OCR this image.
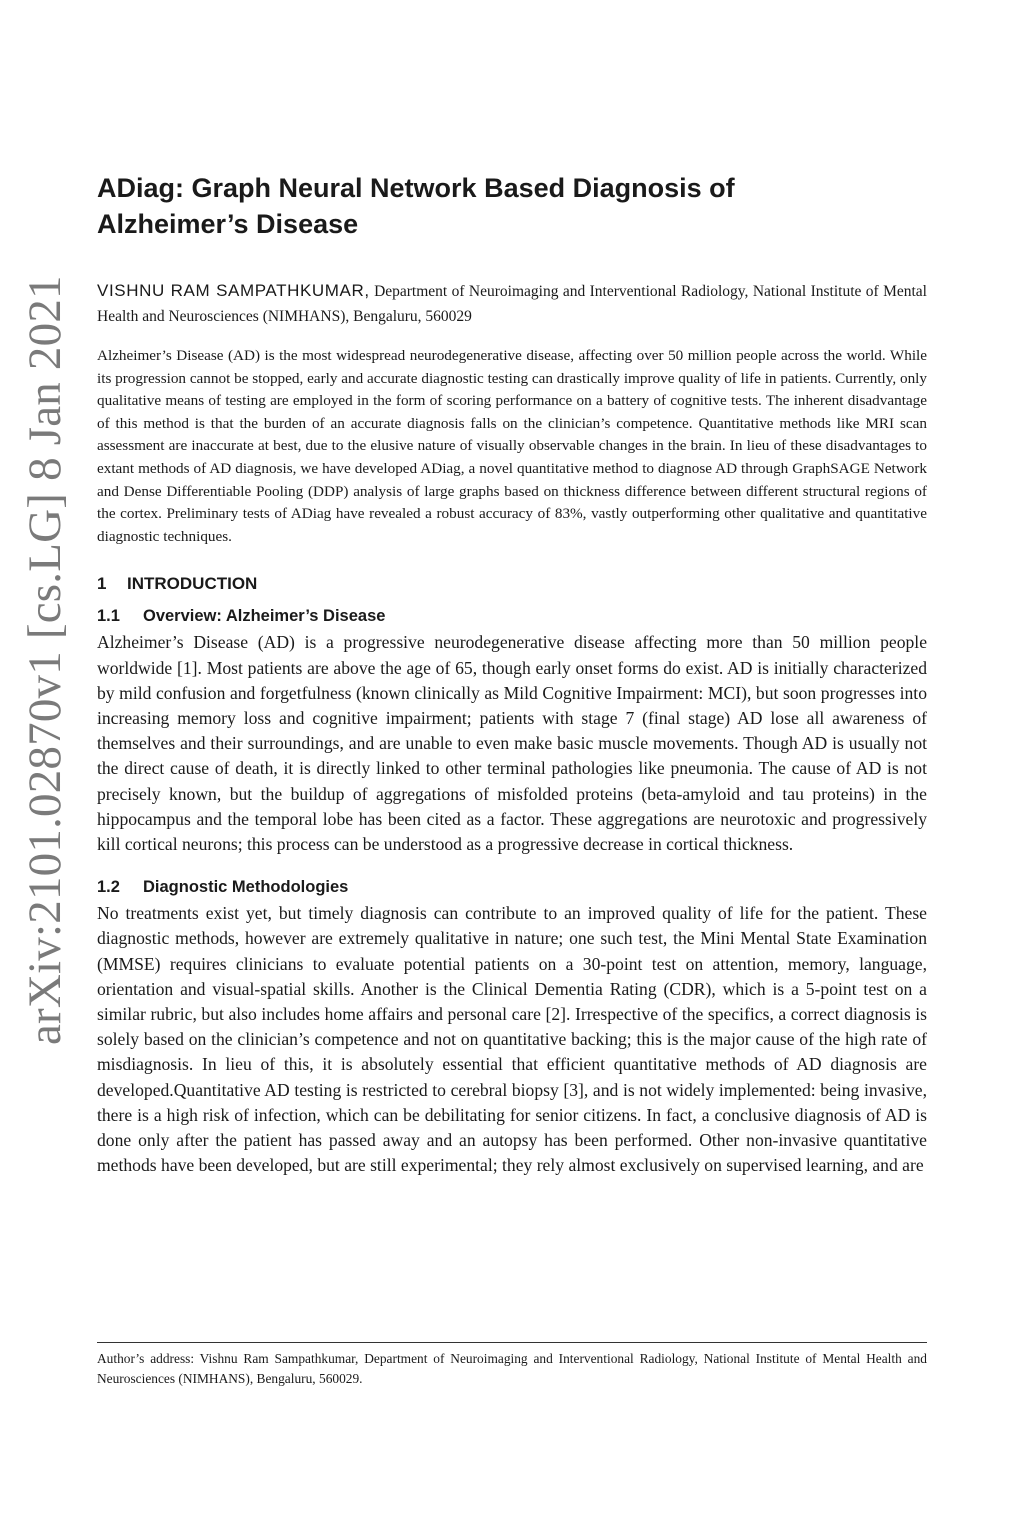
arXiv:2101.02870v1 [cs.LG] 8 Jan 2021
ADiag: Graph Neural Network Based Diagnosis of Alzheimer’s Disease
VISHNU RAM SAMPATHKUMAR, Department of Neuroimaging and Interventional Radiology, National Institute of Mental Health and Neurosciences (NIMHANS), Bengaluru, 560029

Alzheimer’s Disease (AD) is the most widespread neurodegenerative disease, affecting over 50 million people across the world. While its progression cannot be stopped, early and accurate diagnostic testing can drastically improve quality of life in patients. Currently, only qualitative means of testing are employed in the form of scoring performance on a battery of cognitive tests. The inherent disadvantage of this method is that the burden of an accurate diagnosis falls on the clinician’s competence. Quantitative methods like MRI scan assessment are inaccurate at best, due to the elusive nature of visually observable changes in the brain. In lieu of these disadvantages to extant methods of AD diagnosis, we have developed ADiag, a novel quantitative method to diagnose AD through GraphSAGE Network and Dense Differentiable Pooling (DDP) analysis of large graphs based on thickness difference between different structural regions of the cortex. Preliminary tests of ADiag have revealed a robust accuracy of 83%, vastly outperforming other qualitative and quantitative diagnostic techniques.

1 INTRODUCTION
1.1 Overview: Alzheimer’s Disease

Alzheimer’s Disease (AD) is a progressive neurodegenerative disease affecting more than 50 million people worldwide [1]. Most patients are above the age of 65, though early onset forms do exist. AD is initially characterized by mild confusion and forgetfulness (known clinically as Mild Cognitive Impairment: MCI), but soon progresses into increasing memory loss and cognitive impairment; patients with stage 7 (final stage) AD lose all awareness of themselves and their surroundings, and are unable to even make basic muscle movements. Though AD is usually not the direct cause of death, it is directly linked to other terminal pathologies like pneumonia. The cause of AD is not precisely known, but the buildup of aggregations of misfolded proteins (beta-amyloid and tau proteins) in the hippocampus and the temporal lobe has been cited as a factor. These aggregations are neurotoxic and progressively kill cortical neurons; this process can be understood as a progressive decrease in cortical thickness.

1.2 Diagnostic Methodologies

No treatments exist yet, but timely diagnosis can contribute to an improved quality of life for the patient. These diagnostic methods, however are extremely qualitative in nature; one such test, the Mini Mental State Examination (MMSE) requires clinicians to evaluate potential patients on a 30-point test on attention, memory, language, orientation and visual-spatial skills. Another is the Clinical Dementia Rating (CDR), which is a 5-point test on a similar rubric, but also includes home affairs and personal care [2]. Irrespective of the specifics, a correct diagnosis is solely based on the clinician’s competence and not on quantitative backing; this is the major cause of the high rate of misdiagnosis. In lieu of this, it is absolutely essential that efficient quantitative methods of AD diagnosis are developed.Quantitative AD testing is restricted to cerebral biopsy [3], and is not widely implemented: being invasive, there is a high risk of infection, which can be debilitating for senior citizens. In fact, a conclusive diagnosis of AD is done only after the patient has passed away and an autopsy has been performed. Other non-invasive quantitative methods have been developed, but are still experimental; they rely almost exclusively on supervised learning, and are

Author’s address: Vishnu Ram Sampathkumar, Department of Neuroimaging and Interventional Radiology, National Institute of Mental Health and Neurosciences (NIMHANS), Bengaluru, 560029.
